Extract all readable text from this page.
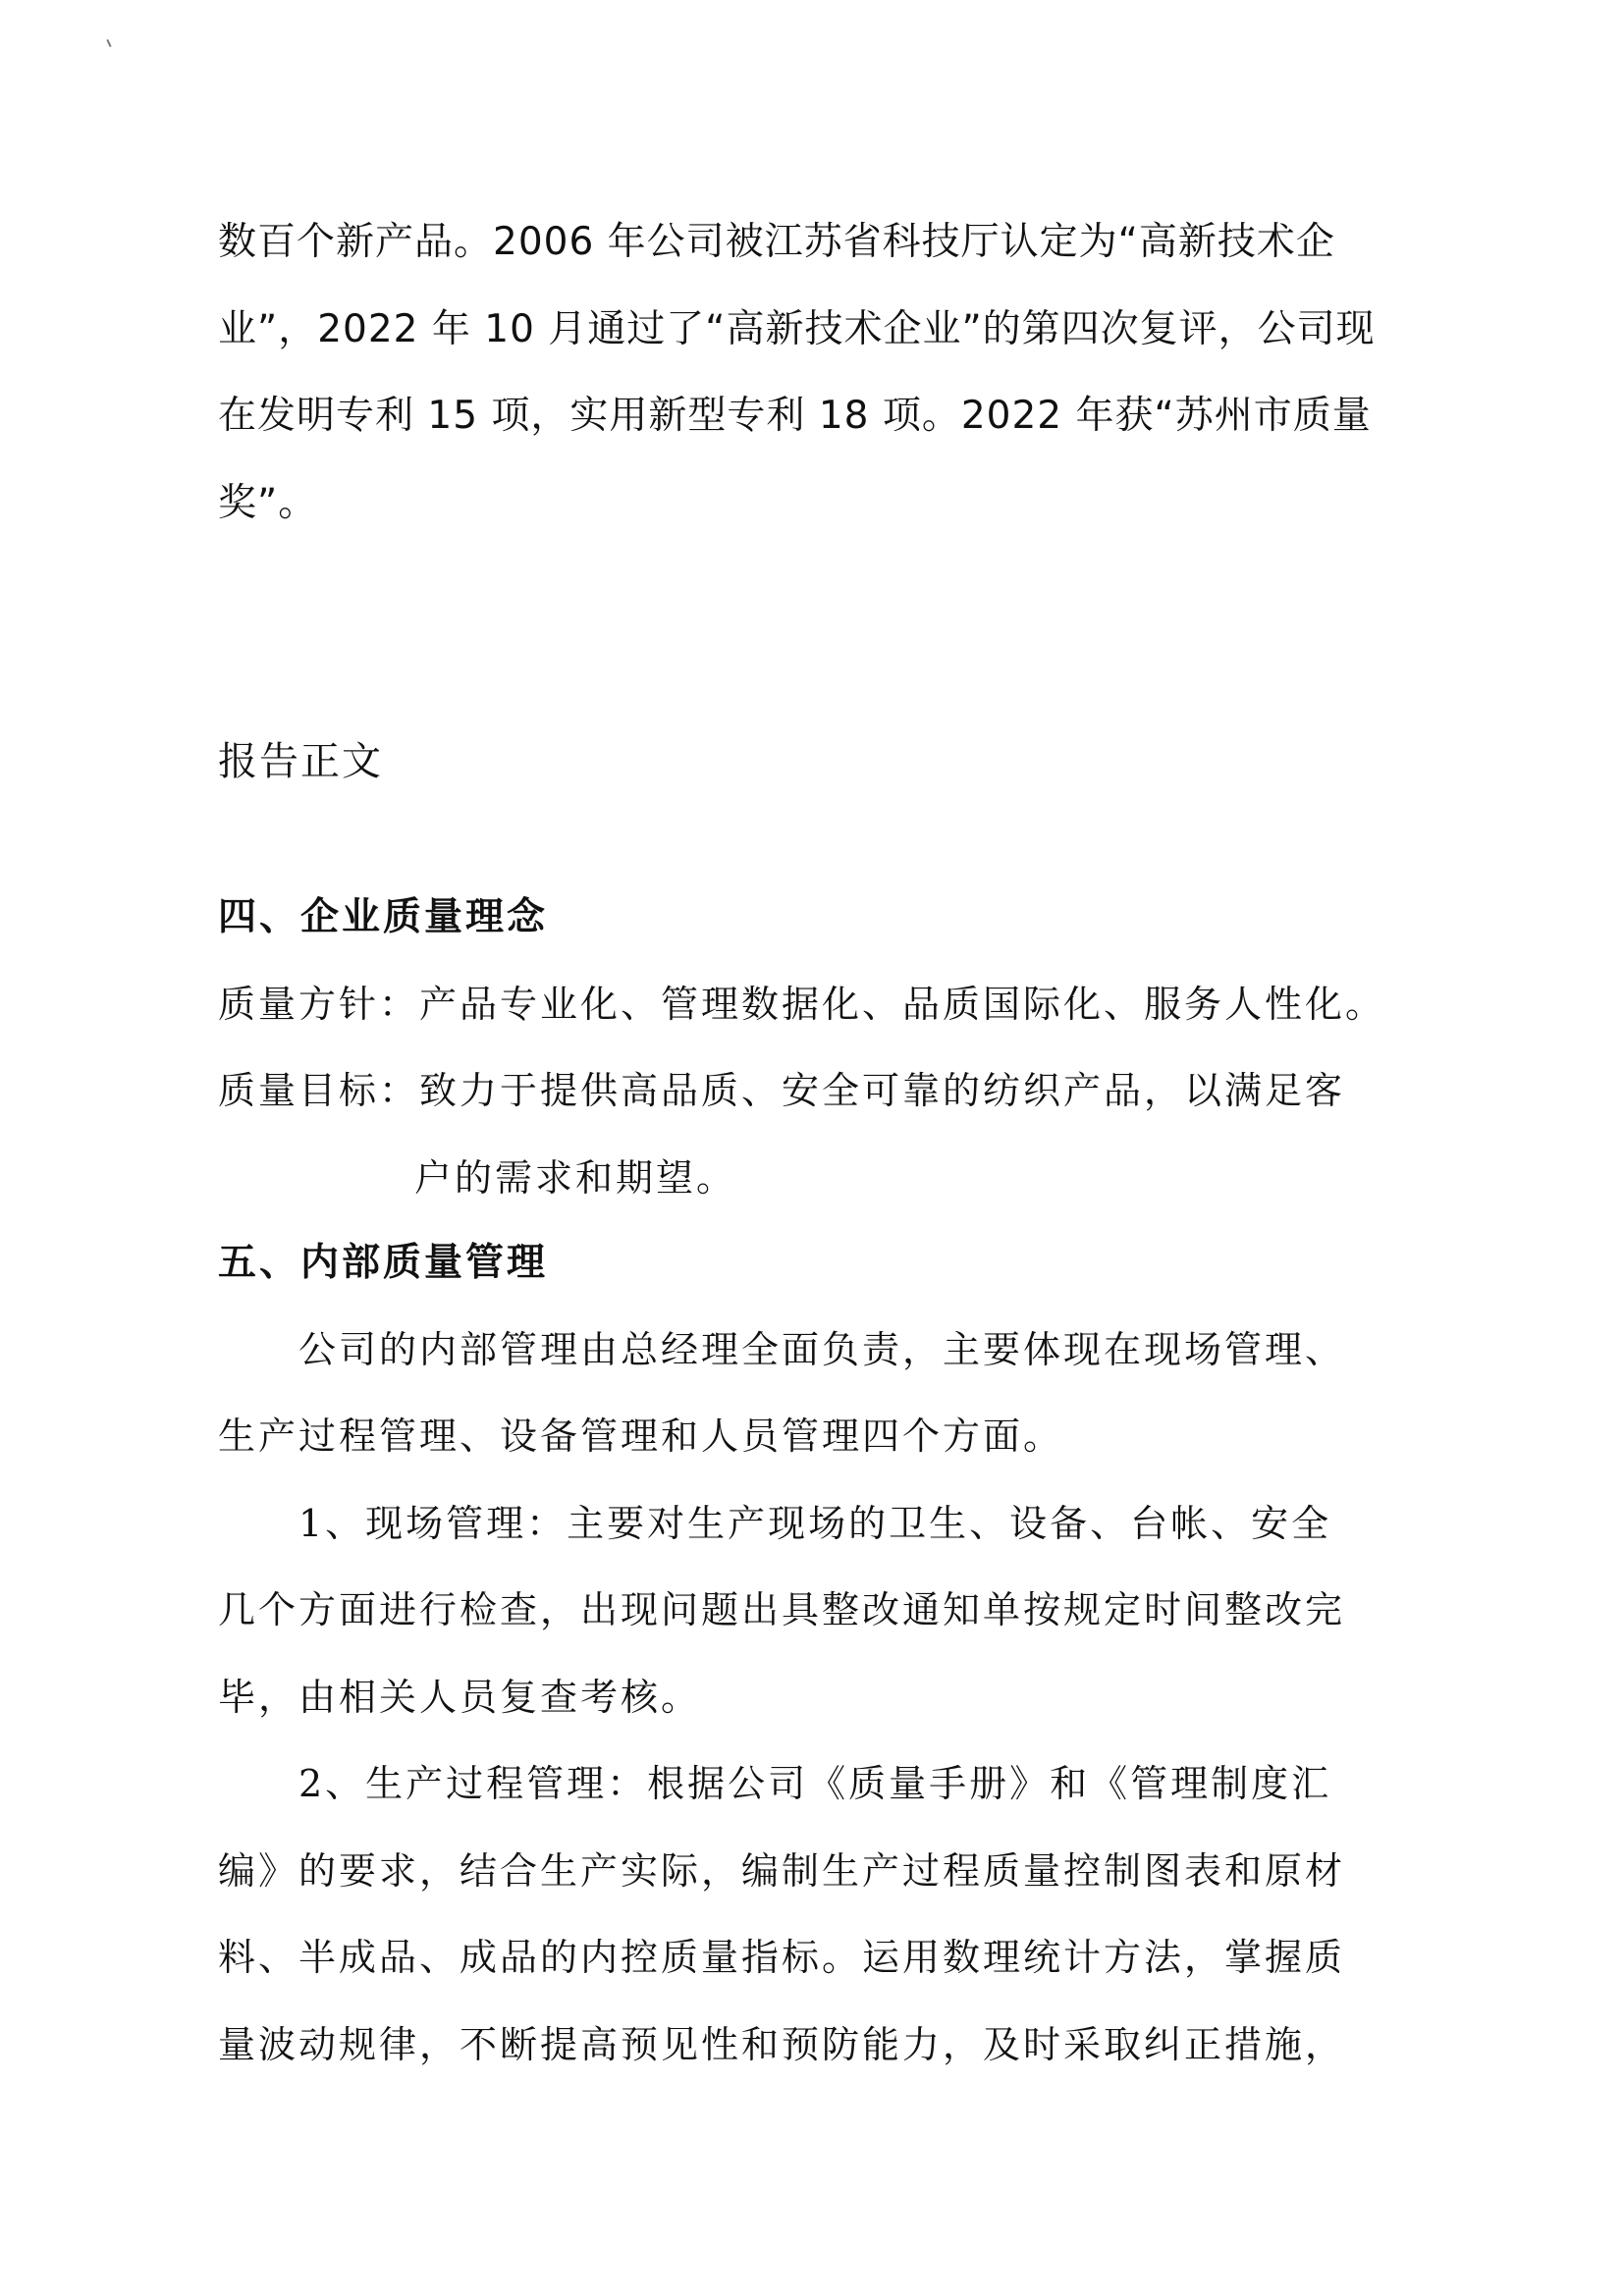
数百个新产品。2006 年公司被江苏省科技厅认定为“高新技术企
业”，2022 年 10 月通过了“高新技术企业”的第四次复评，公司现
在发明专利 15 项，实用新型专利 18 项。2022 年获“苏州市质量
奖”。
报告正文
四、企业质量理念
质量方针：产品专业化、管理数据化、品质国际化、服务人性化。
质量目标：致力于提供高品质、安全可靠的纺织产品，以满足客
户的需求和期望。
五、内部质量管理
公司的内部管理由总经理全面负责，主要体现在现场管理、
生产过程管理、设备管理和人员管理四个方面。
1、现场管理：主要对生产现场的卫生、设备、台帐、安全
几个方面进行检查，出现问题出具整改通知单按规定时间整改完
毕，由相关人员复查考核。
2、生产过程管理：根据公司《质量手册》和《管理制度汇
编》的要求，结合生产实际，编制生产过程质量控制图表和原材
料、半成品、成品的内控质量指标。运用数理统计方法，掌握质
量波动规律，不断提高预见性和预防能力，及时采取纠正措施，
